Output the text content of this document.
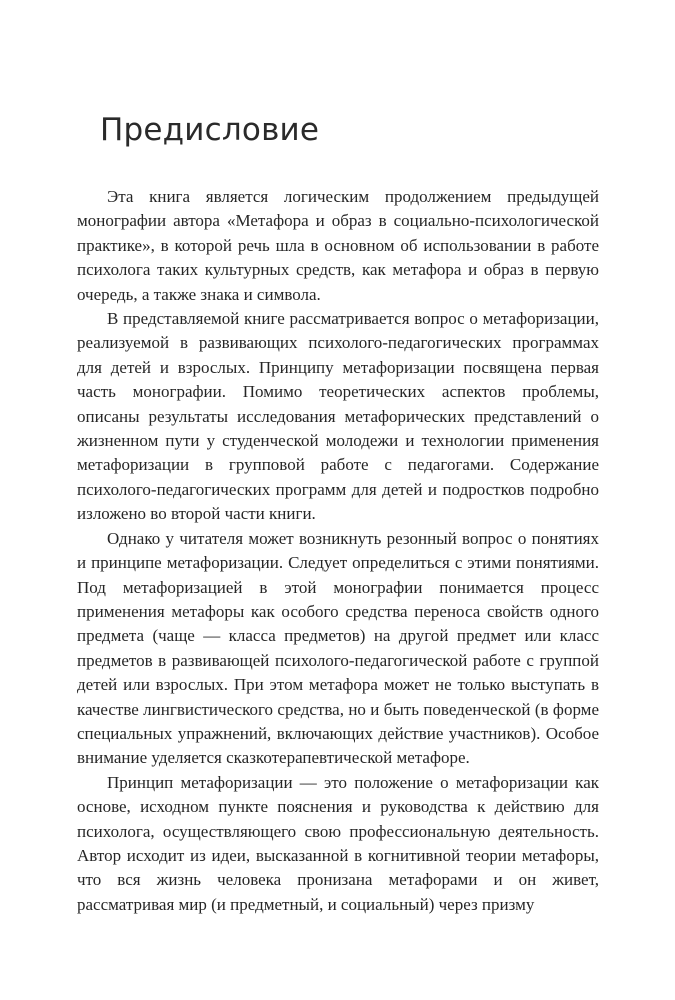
Предисловие

Эта книга является логическим продолжением предыдущей монографии автора «Метафора и образ в социально-психологической практике», в которой речь шла в основном об использовании в работе психолога таких культурных средств, как метафора и образ в первую очередь, а также знака и символа.

В представляемой книге рассматривается вопрос о метафоризации, реализуемой в развивающих психолого-педагогических программах для детей и взрослых. Принципу метафоризации посвящена первая часть монографии. Помимо теоретических аспектов проблемы, описаны результаты исследования метафорических представлений о жизненном пути у студенческой молодежи и технологии применения метафоризации в групповой работе с педагогами. Содержание психолого-педагогических программ для детей и подростков подробно изложено во второй части книги.

Однако у читателя может возникнуть резонный вопрос о понятиях и принципе метафоризации. Следует определиться с этими понятиями. Под метафоризацией в этой монографии понимается процесс применения метафоры как особого средства переноса свойств одного предмета (чаще — класса предметов) на другой предмет или класс предметов в развивающей психолого-педагогической работе с группой детей или взрослых. При этом метафора может не только выступать в качестве лингвистического средства, но и быть поведенческой (в форме специальных упражнений, включающих действие участников). Особое внимание уделяется сказкотерапевтической метафоре.

Принцип метафоризации — это положение о метафоризации как основе, исходном пункте пояснения и руководства к действию для психолога, осуществляющего свою профессиональную деятельность. Автор исходит из идеи, высказанной в когнитивной теории метафоры, что вся жизнь человека пронизана метафорами и он живет, рассматривая мир (и предметный, и социальный) через призму
